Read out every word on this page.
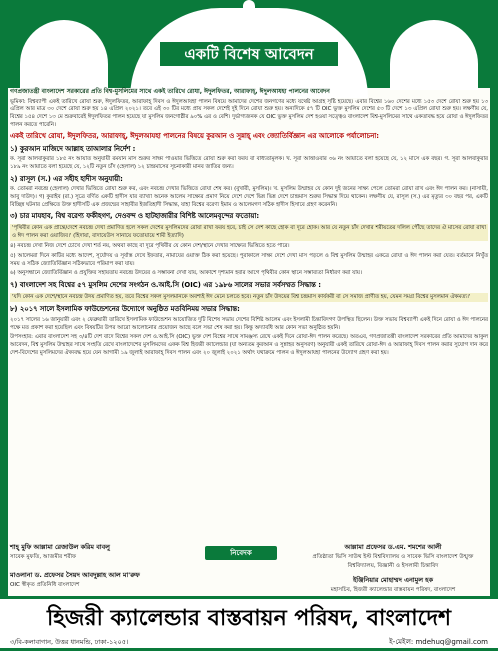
একটি বিশেষ আবেদন

গণপ্রজাতন্ত্রী বাংলাদেশ সরকারের প্রতি বিশ্ব-মুসলিমের সাথে একই তারিখে রোযা, ঈদুলফিতর, আরাফাহ্, ঈদুলআযহা পালনের আবেদন

ভূমিকা: বিশ্বব্যাপী একই তারিখে রোযা শুরু, ঈদুলফিতর, আরাফাহ্ দিবস ও ঈদুলআযহা পালন বিষয়ে আমাদের দেশের জনগণের মধ্যে যথেষ্ট আগ্রহ সৃষ্টি হয়েছে। এবার বিশ্বের ১৬০ দেশের মধ্যে ১৫৩ দেশে রোযা শুরু হয় ১৩ এপ্রিল আর মাত্র ৩০ দেশে রোযা শুরু হয় ১৪ এপ্রিল ২০২১। তবে এই ৩০ টির মধ্যে প্রায় সকল দেশেই দুই দিনে রোযা শুরু হয়। অন্যদিকে ৫৭ টি OIC ভুক্ত মুসলিম দেশের ৫৩ টি দেশে ১৩ এপ্রিল রোযা শুরু হয়। লক্ষণীয় যে, বিশ্বের ১৫৪ দেশে ১৩ মে শুক্রবারেই ঈদুলফিতর পালন হয়েছে যা মুসলিম জনগোষ্ঠীর ৯০% এর ও বেশি। দুর্ভাগ্যজনক যে OIC ভুক্ত মুসলিম দেশ হওয়া সত্ত্বেও বাংলাদেশ বিশ্ব-মুসলিমের সাথে একতাবদ্ধ হয়ে রোযা ও ঈদুলফিতর পালন করতে পারেনি।

একই তারিখে রোযা, ঈদুলফিতর, আরাফাহ্, ঈদুলআযহা পালনের বিষয়ে কুরআন ও সুন্নাহ্ এবং জ্যোতির্বিজ্ঞান এর আলোকে পর্যালোচনা:

১) কুরআন মাজিদে আল্লাহ তাআলার নির্দেশ :

ক. সূরা আলবাকুরার ১৮৫ নং আয়াত অনুযায়ী রমযান মাস শুরুর সাক্ষ্য পাওয়ার ভিত্তিতে রোযা শুরু করা ফরয বা বাধ্যতামূলক। খ. সূরা আত্তাওবার ৩৬ নং আয়াতে বলা হয়েছে যে, ১২ মাসে এক বছর। গ. সূরা আলবাকুরার ১৮৯ নং আয়াতে বলা হয়েছে যে, ১২টি নতুন চাঁদ (হেলাল) ১২ চান্দ্রমাসের সূচনাকারী মানব জাতির জন্য।

২) রাসূল (স.) এর সহীহ হাদীস অনুযায়ী:

ক. তোমরা নবচন্দ্র (হেলাল) দেখার ভিত্তিতে রোযা শুরু কর, এবং নবচন্দ্র দেখার ভিত্তিতে রোযা শেষ কর। (বুখারী, মুসলিম)। খ. মুসলিম উম্মাহর যে কোন দুই জনের সাক্ষ্য পেলে তোমরা রোযা রাখ এবং ঈদ পালন কর। (নাসায়ী, আবু দাউদ)। গ) কুরাইব (রা.) সূত্রে বর্ণিত একটি হাদীস যার ব্যাখ্যা অনেক আলেম সাক্ষ্যের প্রমাণ নিয়ে দেশে দেশে ভিন্ন ভিন্ন দেশে চান্দ্রমাস শুরুর সিদ্ধান্ত দিয়ে থাকেন। লক্ষণীয় যে, রাসূল (স.) এর মৃত্যুর ৩০ বছর পর, একটি বিচ্ছিন্ন ঘটনার প্রেক্ষিতে উক্ত হাদীসটি এক প্রজন্মের সাহাবীর ইজতিহাদী সিদ্ধান্ত, যাহা বিশ্বের বরেণ্য ইমাম ও আলেমগণ সঠিক হাদীস হিসাবে গ্রহণ করেননি।

৩) চার মাযহাব, বিশ্ব বরেণ্য ফকীহগণ, দেওবন্দ ও হাটহাজারীর বিশিষ্ট আলেমবৃন্দের ফতোয়া:

'পৃথিবীর কোন এক প্রান্তে/দেশে নবচন্দ্র দেখা প্রমাণিত হলে সকল দেশের মুসলিমদের রোযা রাখা ফরয হবে, চাই সে দেশ কাছে হোক বা দূরে হোক। আর যে নতুন চাঁদ দেখার শরীয়তের দলিল পৌঁছে তাদের ঐ মাসের রোযা রাখা ও ঈদ পালন করা ওয়াজিব।' (হিদায়া, বাদায়েউস সানায়ে ফতোয়ায়ে শামী ইত্যাদি)

৪) নবচন্দ্র দেখা নিজ দেশে চোখে দেখা শর্ত নয়, অথবা কাছে বা দূরে পৃথিবীর যে কোন দেশ/স্থানে দেখার সাক্ষ্যের ভিত্তিতে হতে পারে।

৫) আলেমরা দিনে কাটির মধ্যে আদেশ, সূর্যোদয় ও সূর্যাস্ত দেখে ইফতার, নামাযের ওয়াক্ত ঠিক করা হয়েছে। পুরাকালে সাক্ষ্য দেশে দেখা মাস পড়লে ও বিশ্ব মুসলিম উম্মাহর একত্রে রোযা ও ঈদ পালন করা যেত। বর্তমানে নিখুঁত সময় ও সঠিক জ্যোতির্বিজ্ঞান সঠিকভাবে পরিমাপ করা যায়।

৬) অনুসন্ধানে জ্যোতির্বিজ্ঞান ও প্রযুক্তির সহায়তায় নবচন্দ্র উদয়ের ও সম্ভাবনা দেখা যায়, আকাশে দৃশ্যমান হবার আগে পৃথিবীর কোন স্থানে সম্ভাব্যতা নির্ধারণ করা যায়।

৭) বাংলাদেশ সহ বিশ্বের ৫৭ মুসলিম দেশের সংগঠন ও.আই.সি (OIC) এর ১৯৮৬ সালের সভার সর্বসম্মত সিদ্ধান্ত :

'যদি কোন এক দেশে/স্থানে নবচন্দ্র উদয় প্রমাণিত হয়, তবে বিশ্বের সকল মুসলমানকে অবশ্যই ঈদ মেনে চলতে হবে। নতুন চাঁদ উদয়ের বিশ্ব চন্দ্রমাস কার্যকরী বা সে সমাজ প্রাণীত হয়, যেমন সমগ্র বিশ্বের মুসলমান ঐকমত্য।'

৮) ২০১৭ সালে ইসলামিক ফাউন্ডেশনের উদ্যোগে অনুষ্ঠিত মতবিনিময় সভার সিদ্ধান্ত:

২০১৭ সালের ১৬ জানুয়ারী এবং ২ ফেব্রুয়ারী তারিখে ইসলামিক ফাউন্ডেশন আয়োজিত দুটি বিশেষ সভায় দেশের বিশিষ্ট আলেম এবং ইসলামী চিন্তাবিদগণ উপস্থিত ছিলেন। উক্ত সভায় বিশ্বব্যাপী একই দিনে রোযা ও ঈদ পালনের পক্ষে মত প্রকাশ করা হয়েছিল এবং বিষয়টির উপর আরো আলোচনার প্রয়োজন আছে বলে সভা শেষ করা হয়। কিন্তু অদ্যাবধি আর কোন সভা অনুষ্ঠিত হয়নি।

উপসংহার: এবার বাংলাদেশ সহ ৩/৪টি দেশ বাদে বিশ্বের সকল দেশ ও.আই.সি (OIC) ভুক্ত দেশ বিশ্বের সাথে সামঞ্জস্য রেখে একই দিনে রোযা-ঈদ পালন করেছে। অতএব, গণপ্রজাতন্ত্রী বাংলাদেশ সরকারের প্রতি আমাদের আকুল আবেদন, বিশ্ব মুসলিম উম্মাহর সাথে সংহতি রেখে বাংলাদেশের মুসলিমদের একক বিশ্ব হিজরী ক্যালেন্ডার (যা অন্যতম কুরআন ও সুন্নাহর অনুসরণ) অনুযায়ী একই তারিখে রোযা-ঈদ ও আরাফাহ্ দিবস পালন করার সুযোগ দান করে দেশ-বিদেশের মুসলিমদের ঐক্যবদ্ধ হয়ে যেন আগামী ১৯ জুলাই আরাফাহ্ দিবস পালন এবং ২০ জুলাই ২০২১ অর্থাৎ যথাক্রমে পালন ও ঈদুলআযহা পালনের উদ্যোগ গ্রহণ করা হয়।

শাহ্ মুফি আল্লামা রেজাউল করিম বাবলু
সাবেক মুফতি, আজমীর শরীফ
মাওলানা ড. প্রফেসর সৈয়দ আবদুল্লাহ আল মা'রুফ
OIC স্বীকৃত প্রতিনিধি বাংলাদেশ
নিবেদক
আল্লামা প্রফেসর ড.এম. শমশের আলী
প্রতিষ্ঠাতা ভিসি সাউথ ইস্ট বিশ্ববিদ্যালয় ও সাবেক ভিসি বাংলাদেশ উন্মুক্ত বিশ্ববিদ্যালয়, বিজ্ঞানী ও ইসলামী চিন্তাবিদ
ইঞ্জিনিয়ার মোহাম্মদ এনামুল হক
মহাসচিব, হিজরী ক্যালেন্ডার বাস্তবায়ন পরিষদ, বাংলাদেশ
হিজরী ক্যালেন্ডার বাস্তবায়ন পরিষদ, বাংলাদেশ
৩/বি-কলাবাগান, উত্তর ধানমন্ডি, ঢাকা-১২০৫।	ই-মেইল: mdehuq@gmail.com
